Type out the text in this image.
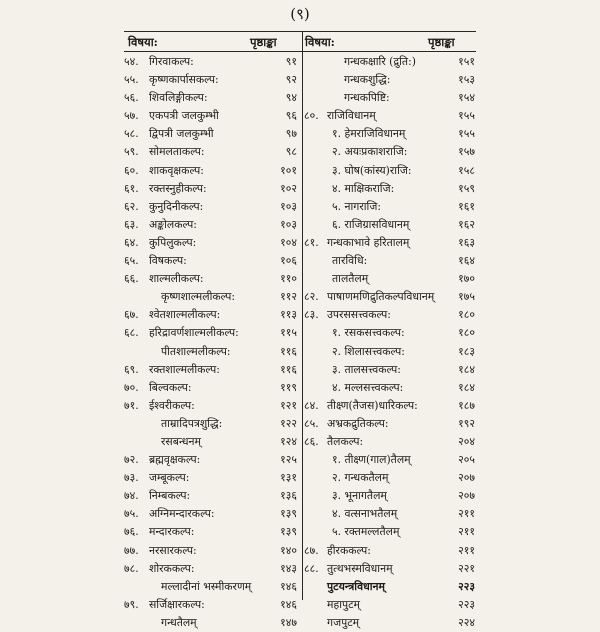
(९)
विषया:	पृष्ठाङ्का विषया:	पृष्ठाङ्का
५४. गिरवाकल्प:	९१
५५. कृष्णकार्पासकल्प:	९२
५६. शिवलिङ्गीकल्प:	९४
५७. एकपत्री जलकुम्भी	९६
५८. द्विपत्री जलकुम्भी	९७
५९. सोमलताकल्प:	९८
६०. शाकवृक्षकल्प:	१०१
६१. रक्तस्नुहीकल्प:	१०२
६२. कुनुदिनीकल्प:	१०३
६३. अङ्कोलकल्प:	१०३
६४. कुपिलुकल्प:	१०४
६५. विषकल्प:	१०६
६६. शाल्मलीकल्प:	११०
कृष्णशाल्मलीकल्प:	११२
६७. श्वेतशाल्मलीकल्प:	११३
६८. हरिद्रावर्णशाल्मलीकल्प:	११५
पीतशाल्मलीकल्प:	११६
६९. रक्तशाल्मलीकल्प:	११६
७०. बिल्वकल्प:	११९
७१. ईश्वरीकल्प:	१२१
ताम्रादिपत्रशुद्धि:	१२२
रसबन्धनम्	१२४
७२. ब्रह्मवृक्षकल्प:	१२५
७३. जम्बूकल्प:	१३१
७४. निम्बकल्प:	१३६
७५. अग्निमन्दारकल्प:	१३९
७६. मन्दारकल्प:	१३९
७७. नरसारकल्प:	१४०
७८. शोरककल्प:	१४३
मल्लादीनां भस्मीकरणम्	१४६
७९. सर्जिक्षारकल्प:	१४६
गन्धतैलम्	१४७
गन्धकक्षारि (द्रुति:)	१५१
गन्धकशुद्धि:	१५३
गन्धकपिष्टि:	१५४
८०. राजिविधानम्	१५५
१. हेमराजिविधानम्	१५५
२. अयःप्रकाशराजि:	१५७
३. घोष(कांस्य)राजि:	१५८
४. माक्षिकराजि:	१५९
५. नागराजि:	१६१
६. राजिग्रासविधानम्	१६२
८१. गन्धकाभावे हरितालम्	१६३
तारविधि:	१६४
तालतैलम्	१७०
८२. पाषाणमणिद्रुतिकल्पविधानम्	१७५
८३. उपरससत्त्वकल्प:	१८०
१. रसकसत्त्वकल्प:	१८०
२. शिलासत्त्वकल्प:	१८३
३. तालसत्त्वकल्प:	१८४
४. मल्लसत्त्वकल्प:	१८४
८४. तीक्ष्ण(तैजस)धारिकल्प:	१८७
८५. अभ्रकद्रुतिकल्प:	१९२
८६. तैलकल्प:	२०४
१. तीक्ष्ण(गाल)तैलम्	२०५
२. गन्धकतैलम्	२०७
३. भूनागतैलम्	२०७
४. वत्सनाभतैलम्	२११
५. रक्तमल्लतैलम्	२११
८७. हीरककल्प:	२११
८८. तुत्थभस्मविधानम्	२२१
पुटयन्त्रविधानम्	२२३
महापुटम्	२२३
गजपुटम्	२२४
